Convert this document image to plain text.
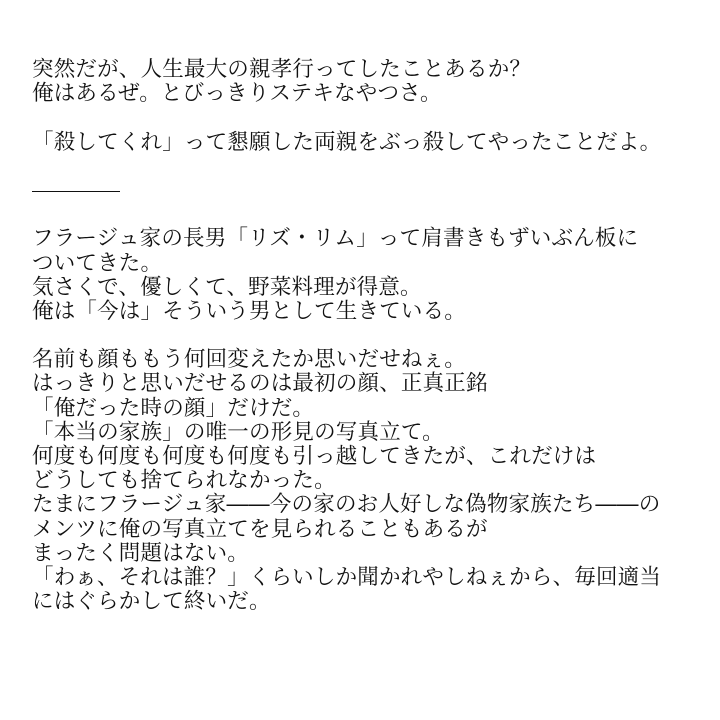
突然だが、人生最大の親孝行ってしたことあるか？
俺はあるぜ。とびっきりステキなやつさ。
「殺してくれ」って懇願した両親をぶっ殺してやったことだよ。
フラージュ家の長男「リズ・リム」って肩書きもずいぶん板に
ついてきた。
気さくで、優しくて、野菜料理が得意。
俺は「今は」そういう男として生きている。
名前も顔ももう何回変えたか思いだせねぇ。
はっきりと思いだせるのは最初の顔、正真正銘
「俺だった時の顔」だけだ。
「本当の家族」の唯一の形見の写真立て。
何度も何度も何度も何度も引っ越してきたが、これだけは
どうしても捨てられなかった。
たまにフラージュ家――今の家のお人好しな偽物家族たち――の
メンツに俺の写真立てを見られることもあるが
まったく問題はない。
「わぁ、それは誰？」くらいしか聞かれやしねぇから、毎回適当
にはぐらかして終いだ。
